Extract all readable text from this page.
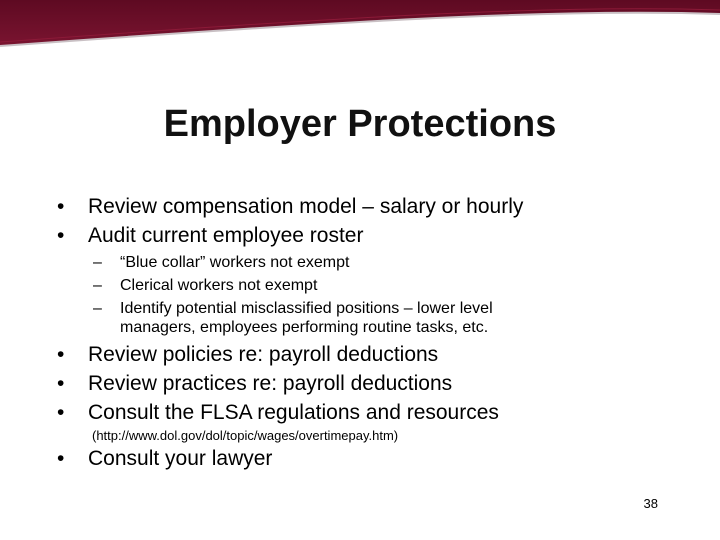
Employer Protections
• Review compensation model – salary or hourly
• Audit current employee roster
– “Blue collar” workers not exempt
– Clerical workers not exempt
– Identify potential misclassified positions – lower level
managers, employees performing routine tasks, etc.
• Review policies re: payroll deductions
• Review practices re: payroll deductions
• Consult the FLSA regulations and resources
(http://www.dol.gov/dol/topic/wages/overtimepay.htm)
• Consult your lawyer
38
